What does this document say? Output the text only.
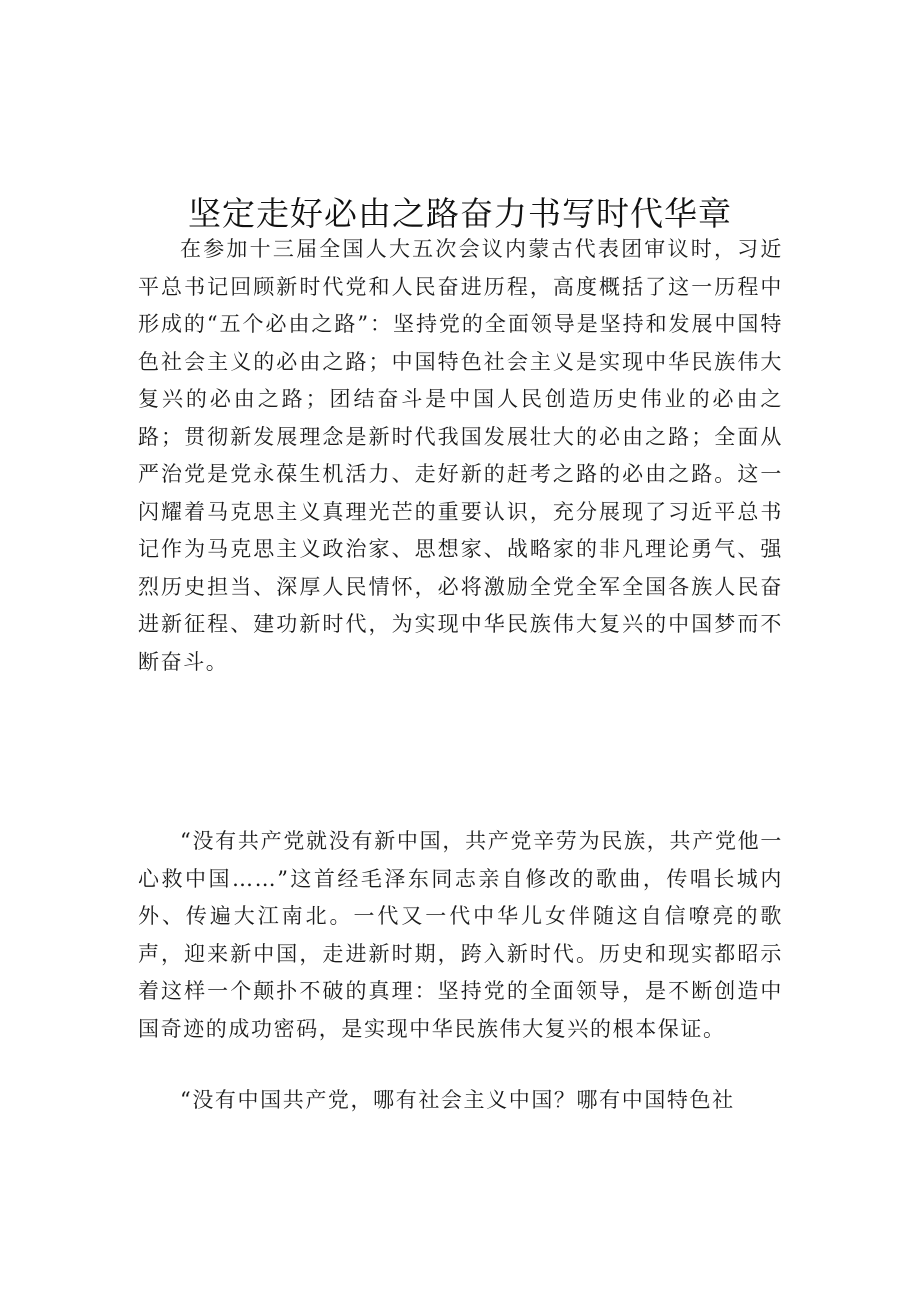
坚定走好必由之路奋力书写时代华章

在参加十三届全国人大五次会议内蒙古代表团审议时，习近平总书记回顾新时代党和人民奋进历程，高度概括了这一历程中形成的“五个必由之路”：坚持党的全面领导是坚持和发展中国特色社会主义的必由之路；中国特色社会主义是实现中华民族伟大复兴的必由之路；团结奋斗是中国人民创造历史伟业的必由之路；贯彻新发展理念是新时代我国发展壮大的必由之路；全面从严治党是党永葆生机活力、走好新的赶考之路的必由之路。这一闪耀着马克思主义真理光芒的重要认识，充分展现了习近平总书记作为马克思主义政治家、思想家、战略家的非凡理论勇气、强烈历史担当、深厚人民情怀，必将激励全党全军全国各族人民奋进新征程、建功新时代，为实现中华民族伟大复兴的中国梦而不断奋斗。

“没有共产党就没有新中国，共产党辛劳为民族，共产党他一心救中国……”这首经毛泽东同志亲自修改的歌曲，传唱长城内外、传遍大江南北。一代又一代中华儿女伴随这自信嘹亮的歌声，迎来新中国，走进新时期，跨入新时代。历史和现实都昭示着这样一个颠扑不破的真理：坚持党的全面领导，是不断创造中国奇迹的成功密码，是实现中华民族伟大复兴的根本保证。

“没有中国共产党，哪有社会主义中国？哪有中国特色社
